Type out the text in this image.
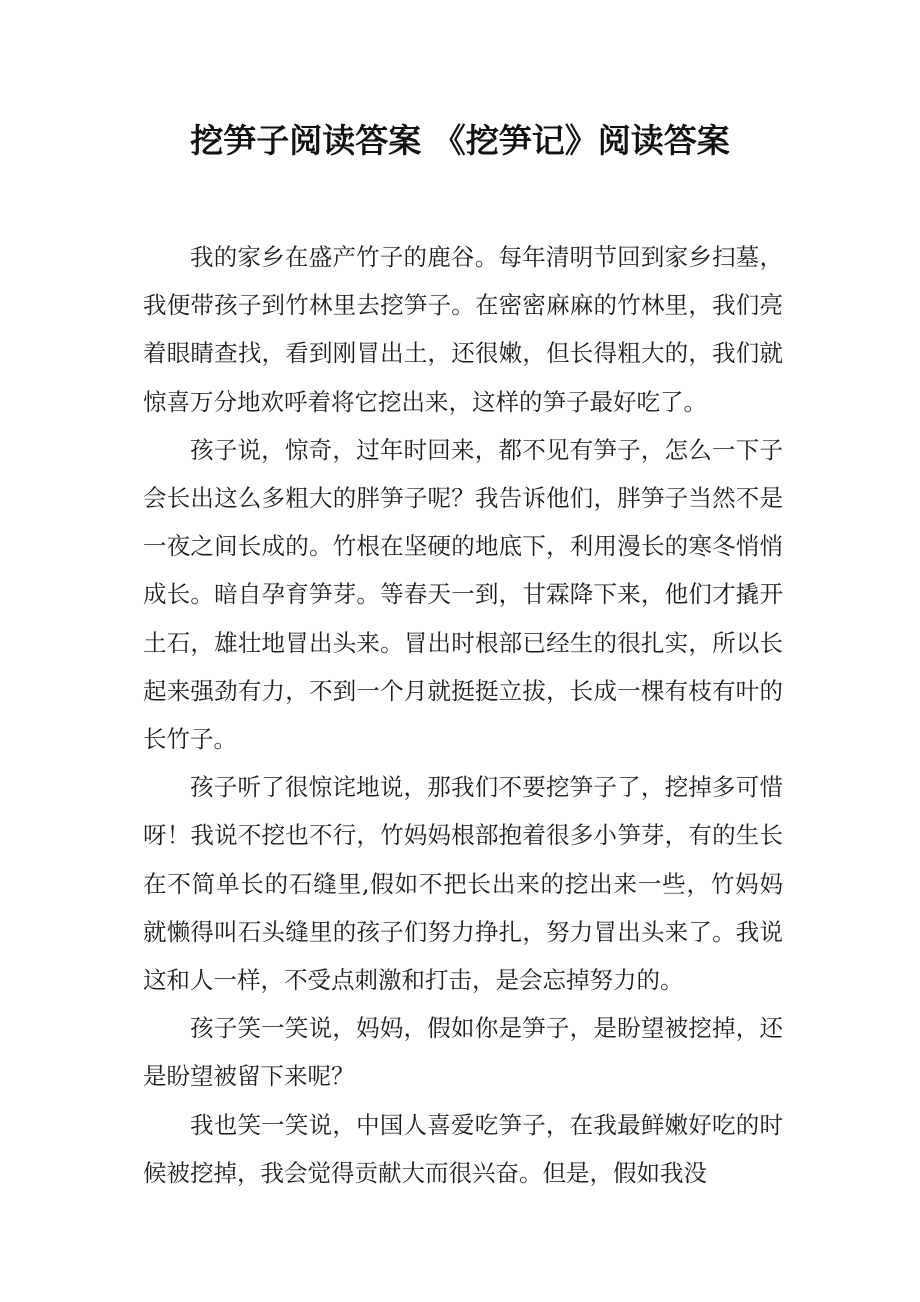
挖笋子阅读答案 《挖笋记》阅读答案

我的家乡在盛产竹子的鹿谷。每年清明节回到家乡扫墓，我便带孩子到竹林里去挖笋子。在密密麻麻的竹林里，我们亮着眼睛查找，看到刚冒出土，还很嫩，但长得粗大的，我们就惊喜万分地欢呼着将它挖出来，这样的笋子最好吃了。

孩子说，惊奇，过年时回来，都不见有笋子，怎么一下子会长出这么多粗大的胖笋子呢？我告诉他们，胖笋子当然不是一夜之间长成的。竹根在坚硬的地底下，利用漫长的寒冬悄悄成长。暗自孕育笋芽。等春天一到，甘霖降下来，他们才撬开土石，雄壮地冒出头来。冒出时根部已经生的很扎实，所以长起来强劲有力，不到一个月就挺挺立拔，长成一棵有枝有叶的长竹子。

孩子听了很惊诧地说，那我们不要挖笋子了，挖掉多可惜呀！我说不挖也不行，竹妈妈根部抱着很多小笋芽，有的生长在不简单长的石缝里,假如不把长出来的挖出来一些，竹妈妈就懒得叫石头缝里的孩子们努力挣扎，努力冒出头来了。我说这和人一样，不受点刺激和打击，是会忘掉努力的。

孩子笑一笑说，妈妈，假如你是笋子，是盼望被挖掉，还是盼望被留下来呢？

我也笑一笑说，中国人喜爱吃笋子，在我最鲜嫩好吃的时候被挖掉，我会觉得贡献大而很兴奋。但是，假如我没
